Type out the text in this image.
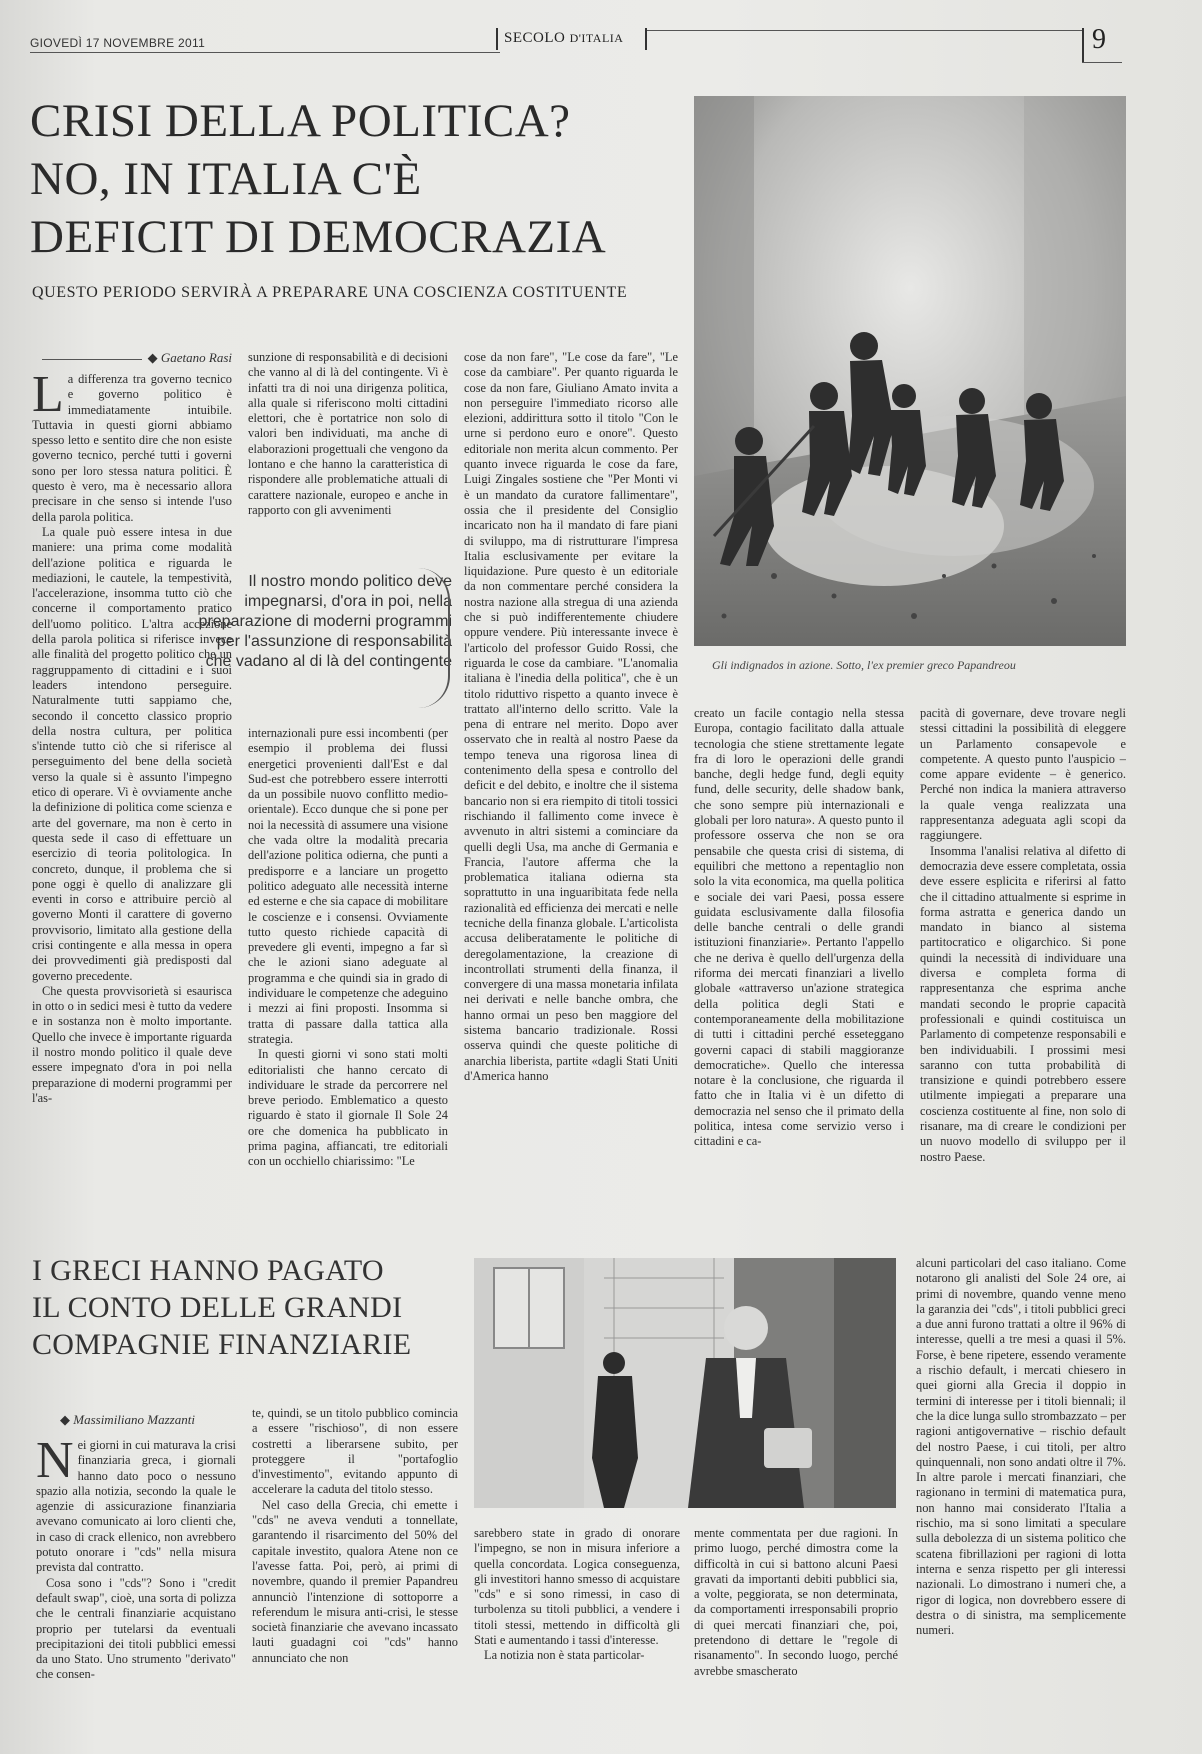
GIOVEDÌ 17 NOVEMBRE 2011	SECOLO D'ITALIA	9
CRISI DELLA POLITICA?
NO, IN ITALIA C'È
DEFICIT DI DEMOCRAZIA
QUESTO PERIODO SERVIRÀ A PREPARARE UNA COSCIENZA COSTITUENTE
Gli indignados in azione. Sotto, l'ex premier greco Papandreou
◆ Gaetano Rasi

La differenza tra governo tecnico e governo politico è immediatamente intuibile. Tuttavia in questi giorni abbiamo spesso letto e sentito dire che non esiste governo tecnico, perché tutti i governi sono per loro stessa natura politici. È questo è vero, ma è necessario allora precisare in che senso si intende l'uso della parola politica.

La quale può essere intesa in due maniere: una prima come modalità dell'azione politica e riguarda le mediazioni, le cautele, la tempestività, l'accelerazione, insomma tutto ciò che concerne il comportamento pratico dell'uomo politico. L'altra accezione della parola politica si riferisce invece alle finalità del progetto politico che un raggruppamento di cittadini e i suoi leaders intendono perseguire. Naturalmente tutti sappiamo che, secondo il concetto classico proprio della nostra cultura, per politica s'intende tutto ciò che si riferisce al perseguimento del bene della società verso la quale si è assunto l'impegno etico di operare. Vi è ovviamente anche la definizione di politica come scienza e arte del governare, ma non è certo in questa sede il caso di effettuare un esercizio di teoria politologica. In concreto, dunque, il problema che si pone oggi è quello di analizzare gli eventi in corso e attribuire perciò al governo Monti il carattere di governo provvisorio, limitato alla gestione della crisi contingente e alla messa in opera dei provvedimenti già predisposti dal governo precedente.

Che questa provvisorietà si esaurisca in otto o in sedici mesi è tutto da vedere e in sostanza non è molto importante. Quello che invece è importante riguarda il nostro mondo politico il quale deve essere impegnato d'ora in poi nella preparazione di moderni programmi per l'as-

sunzione di responsabilità e di decisioni che vanno al di là del contingente. Vi è infatti tra di noi una dirigenza politica, alla quale si riferiscono molti cittadini elettori, che è portatrice non solo di valori ben individuati, ma anche di elaborazioni progettuali che vengono da lontano e che hanno la caratteristica di rispondere alle problematiche attuali di carattere nazionale, europeo e anche in rapporto con gli avvenimenti

Il nostro mondo politico deve impegnarsi, d'ora in poi, nella preparazione di moderni programmi per l'assunzione di responsabilità che vadano al di là del contingente

internazionali pure essi incombenti (per esempio il problema dei flussi energetici provenienti dall'Est e dal Sud-est che potrebbero essere interrotti da un possibile nuovo conflitto medio-orientale). Ecco dunque che si pone per noi la necessità di assumere una visione che vada oltre la modalità precaria dell'azione politica odierna, che punti a predisporre e a lanciare un progetto politico adeguato alle necessità interne ed esterne e che sia capace di mobilitare le coscienze e i consensi. Ovviamente tutto questo richiede capacità di prevedere gli eventi, impegno a far sì che le azioni siano adeguate al programma e che quindi sia in grado di individuare le competenze che adeguino i mezzi ai fini proposti. Insomma si tratta di passare dalla tattica alla strategia.

In questi giorni vi sono stati molti editorialisti che hanno cercato di individuare le strade da percorrere nel breve periodo. Emblematico a questo riguardo è stato il giornale Il Sole 24 ore che domenica ha pubblicato in prima pagina, affiancati, tre editoriali con un occhiello chiarissimo: "Le

cose da non fare", "Le cose da fare", "Le cose da cambiare". Per quanto riguarda le cose da non fare, Giuliano Amato invita a non perseguire l'immediato ricorso alle elezioni, addirittura sotto il titolo "Con le urne si perdono euro e onore". Questo editoriale non merita alcun commento. Per quanto invece riguarda le cose da fare, Luigi Zingales sostiene che "Per Monti vi è un mandato da curatore fallimentare", ossia che il presidente del Consiglio incaricato non ha il mandato di fare piani di sviluppo, ma di ristrutturare l'impresa Italia esclusivamente per evitare la liquidazione. Pure questo è un editoriale da non commentare perché considera la nostra nazione alla stregua di una azienda che si può indifferentemente chiudere oppure vendere. Più interessante invece è l'articolo del professor Guido Rossi, che riguarda le cose da cambiare. "L'anomalia italiana è l'inedia della politica", che è un titolo riduttivo rispetto a quanto invece è trattato all'interno dello scritto. Vale la pena di entrare nel merito. Dopo aver osservato che in realtà al nostro Paese da tempo teneva una rigorosa linea di contenimento della spesa e controllo del deficit e del debito, e inoltre che il sistema bancario non si era riempito di titoli tossici rischiando il fallimento come invece è avvenuto in altri sistemi a cominciare da quelli degli Usa, ma anche di Germania e Francia, l'autore afferma che la problematica italiana odierna sta soprattutto in una inguaribitata fede nella razionalità ed efficienza dei mercati e nelle tecniche della finanza globale. L'articolista accusa deliberatamente le politiche di deregolamentazione, la creazione di incontrollati strumenti della finanza, il convergere di una massa monetaria infilata nei derivati e nelle banche ombra, che hanno ormai un peso ben maggiore del sistema bancario tradizionale. Rossi osserva quindi che queste politiche di anarchia liberista, partite «dagli Stati Uniti d'America hanno

creato un facile contagio nella stessa Europa, contagio facilitato dalla attuale tecnologia che stiene strettamente legate fra di loro le operazioni delle grandi banche, degli hedge fund, degli equity fund, delle security, delle shadow bank, che sono sempre più internazionali e globali per loro natura». A questo punto il professore osserva che non se ora pensabile che questa crisi di sistema, di equilibri che mettono a repentaglio non solo la vita economica, ma quella politica e sociale dei vari Paesi, possa essere guidata esclusivamente dalla filosofia delle banche centrali o delle grandi istituzioni finanziarie». Pertanto l'appello che ne deriva è quello dell'urgenza della riforma dei mercati finanziari a livello globale «attraverso un'azione strategica della politica degli Stati e contemporaneamente della mobilitazione di tutti i cittadini perché esseteggano governi capaci di stabili maggioranze democratiche». Quello che interessa notare è la conclusione, che riguarda il fatto che in Italia vi è un difetto di democrazia nel senso che il primato della politica, intesa come servizio verso i cittadini e ca-

pacità di governare, deve trovare negli stessi cittadini la possibilità di eleggere un Parlamento consapevole e competente. A questo punto l'auspicio – come appare evidente – è generico. Perché non indica la maniera attraverso la quale venga realizzata una rappresentanza adeguata agli scopi da raggiungere.

Insomma l'analisi relativa al difetto di democrazia deve essere completata, ossia deve essere esplicita e riferirsi al fatto che il cittadino attualmente si esprime in forma astratta e generica dando un mandato in bianco al sistema partitocratico e oligarchico. Si pone quindi la necessità di individuare una diversa e completa forma di rappresentanza che esprima anche mandati secondo le proprie capacità professionali e quindi costituisca un Parlamento di competenze responsabili e ben individuabili. I prossimi mesi saranno con tutta probabilità di transizione e quindi potrebbero essere utilmente impiegati a preparare una coscienza costituente al fine, non solo di risanare, ma di creare le condizioni per un nuovo modello di sviluppo per il nostro Paese.

I GRECI HANNO PAGATO
IL CONTO DELLE GRANDI
COMPAGNIE FINANZIARIE
◆ Massimiliano Mazzanti

Nei giorni in cui maturava la crisi finanziaria greca, i giornali hanno dato poco o nessuno spazio alla notizia, secondo la quale le agenzie di assicurazione finanziaria avevano comunicato ai loro clienti che, in caso di crack ellenico, non avrebbero potuto onorare i "cds" nella misura prevista dal contratto.

Cosa sono i "cds"? Sono i "credit default swap", cioè, una sorta di polizza che le centrali finanziarie acquistano proprio per tutelarsi da eventuali precipitazioni dei titoli pubblici emessi da uno Stato. Uno strumento "derivato" che consen-

te, quindi, se un titolo pubblico comincia a essere "rischioso", di non essere costretti a liberarsene subito, per proteggere il "portafoglio d'investimento", evitando appunto di accelerare la caduta del titolo stesso.

Nel caso della Grecia, chi emette i "cds" ne aveva venduti a tonnellate, garantendo il risarcimento del 50% del capitale investito, qualora Atene non ce l'avesse fatta. Poi, però, ai primi di novembre, quando il premier Papandreu annunciò l'intenzione di sottoporre a referendum le misura anti-crisi, le stesse società finanziarie che avevano incassato lauti guadagni coi "cds" hanno annunciato che non

sarebbero state in grado di onorare l'impegno, se non in misura inferiore a quella concordata. Logica conseguenza, gli investitori hanno smesso di acquistare "cds" e si sono rimessi, in caso di turbolenza su titoli pubblici, a vendere i titoli stessi, mettendo in difficoltà gli Stati e aumentando i tassi d'interesse.

La notizia non è stata particolar-

mente commentata per due ragioni. In primo luogo, perché dimostra come la difficoltà in cui si battono alcuni Paesi gravati da importanti debiti pubblici sia, a volte, peggiorata, se non determinata, da comportamenti irresponsabili proprio di quei mercati finanziari che, poi, pretendono di dettare le "regole di risanamento". In secondo luogo, perché avrebbe smascherato

alcuni particolari del caso italiano. Come notarono gli analisti del Sole 24 ore, ai primi di novembre, quando venne meno la garanzia dei "cds", i titoli pubblici greci a due anni furono trattati a oltre il 96% di interesse, quelli a tre mesi a quasi il 5%. Forse, è bene ripetere, essendo veramente a rischio default, i mercati chiesero in quei giorni alla Grecia il doppio in termini di interesse per i titoli biennali; il che la dice lunga sullo strombazzato – per ragioni antigovernative – rischio default del nostro Paese, i cui titoli, per altro quinquennali, non sono andati oltre il 7%. In altre parole i mercati finanziari, che ragionano in termini di matematica pura, non hanno mai considerato l'Italia a rischio, ma si sono limitati a speculare sulla debolezza di un sistema politico che scatena fibrillazioni per ragioni di lotta interna e senza rispetto per gli interessi nazionali. Lo dimostrano i numeri che, a rigor di logica, non dovrebbero essere di destra o di sinistra, ma semplicemente numeri.
